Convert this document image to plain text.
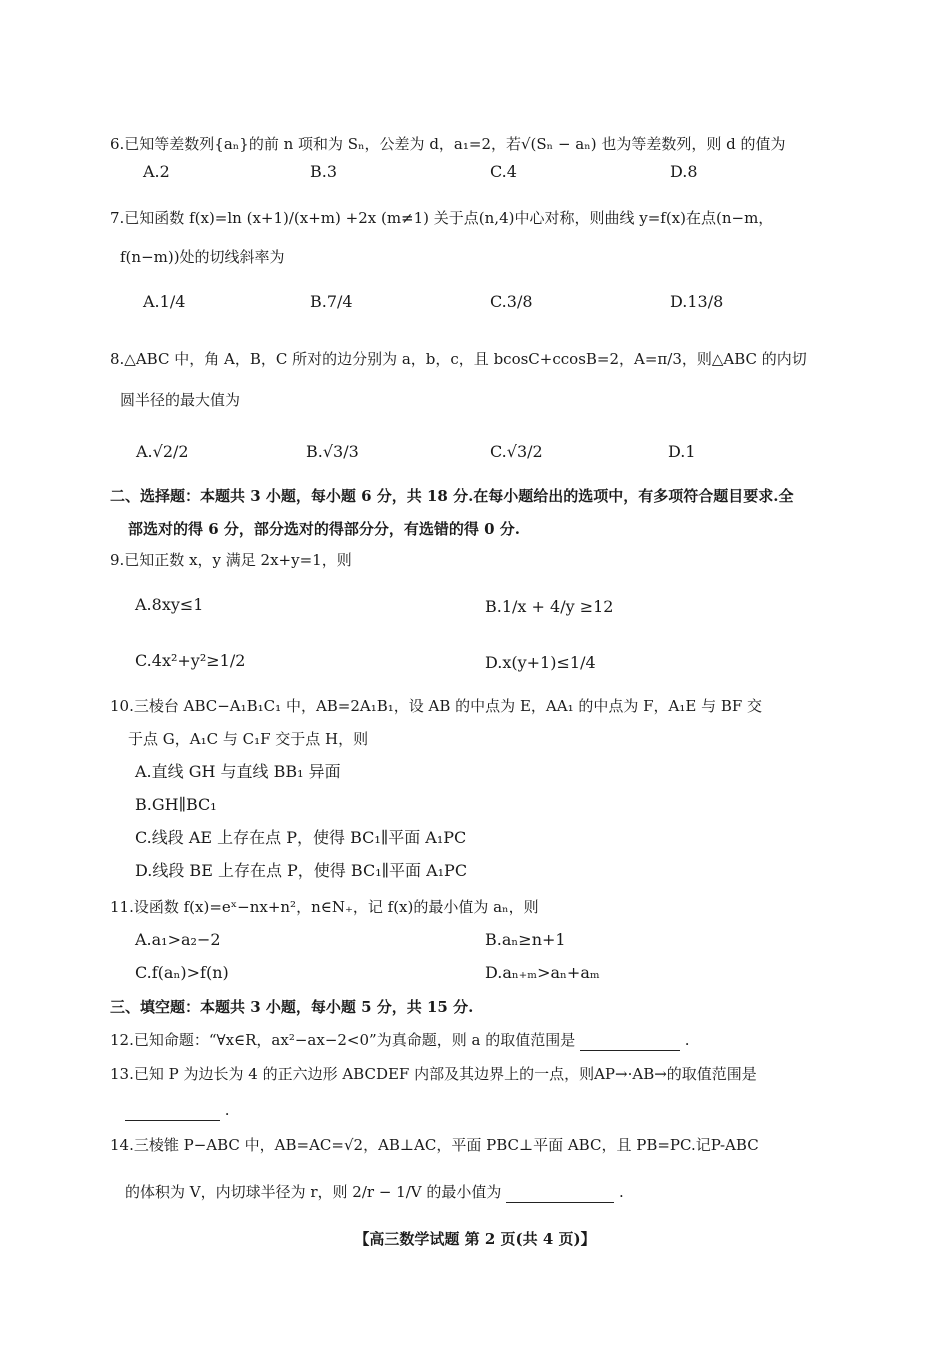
6.已知等差数列{aₙ}的前 n 项和为 Sₙ，公差为 d，a₁=2，若√(Sₙ − aₙ) 也为等差数列，则 d 的值为
A.2	B.3	C.4	D.8
7.已知函数 f(x)=ln (x+1)/(x+m) +2x (m≠1) 关于点(n,4)中心对称，则曲线 y=f(x)在点(n−m，
f(n−m))处的切线斜率为
A.1/4	B.7/4	C.3/8	D.13/8
8.△ABC 中，角 A，B，C 所对的边分别为 a，b，c，且 bcosC+ccosB=2，A=π/3，则△ABC 的内切
圆半径的最大值为
A.√2/2	B.√3/3	C.√3/2	D.1
二、选择题：本题共 3 小题，每小题 6 分，共 18 分.在每小题给出的选项中，有多项符合题目要求.全
部选对的得 6 分，部分选对的得部分分，有选错的得 0 分.
9.已知正数 x，y 满足 2x+y=1，则
A.8xy≤1	B.1/x + 4/y ≥12
C.4x²+y²≥1/2	D.x(y+1)≤1/4
10.三棱台 ABC−A₁B₁C₁ 中，AB=2A₁B₁，设 AB 的中点为 E，AA₁ 的中点为 F，A₁E 与 BF 交
于点 G，A₁C 与 C₁F 交于点 H，则
A.直线 GH 与直线 BB₁ 异面
B.GH∥BC₁
C.线段 AE 上存在点 P，使得 BC₁∥平面 A₁PC
D.线段 BE 上存在点 P，使得 BC₁∥平面 A₁PC
11.设函数 f(x)=eˣ−nx+n²，n∈N₊，记 f(x)的最小值为 aₙ，则
A.a₁>a₂−2	B.aₙ≥n+1
C.f(aₙ)>f(n)	D.aₙ₊ₘ>aₙ+aₘ
三、填空题：本题共 3 小题，每小题 5 分，共 15 分.
12.已知命题：“∀x∈R，ax²−ax−2<0”为真命题，则 a 的取值范围是	.
13.已知 P 为边长为 4 的正六边形 ABCDEF 内部及其边界上的一点，则AP→·AB→的取值范围是
.
14.三棱锥 P−ABC 中，AB=AC=√2，AB⊥AC，平面 PBC⊥平面 ABC，且 PB=PC.记P-ABC
的体积为 V，内切球半径为 r，则 2/r − 1/V 的最小值为	.
【高三数学试题 第 2 页(共 4 页)】
